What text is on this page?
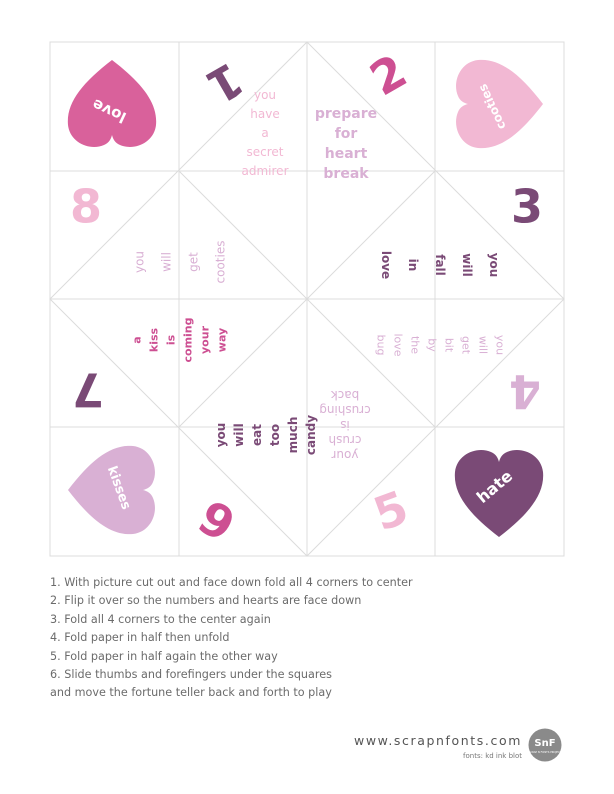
love	cooties
kisses	hate
1 2
3
4
5
6
7
8
you have a secret admirer
prepare for heart break
youwillfallinlove
youwillgetbitbythelovebug
yourcrushiscrushingback
you will eat too much candy
a kiss is coming your way
you will get cooties
1. With picture cut out and face down fold all 4 corners to center
2. Flip it over so the numbers and hearts are face down
3. Fold all 4 corners to the center again
4. Fold paper in half then unfold
5. Fold paper in half again the other way
6. Slide thumbs and forefingers under the squares
and move the fortune teller back and forth to play
www.scrapnfonts.com
fonts: kd ink blot
SnF
SCRAP N FONTS PROJECT
